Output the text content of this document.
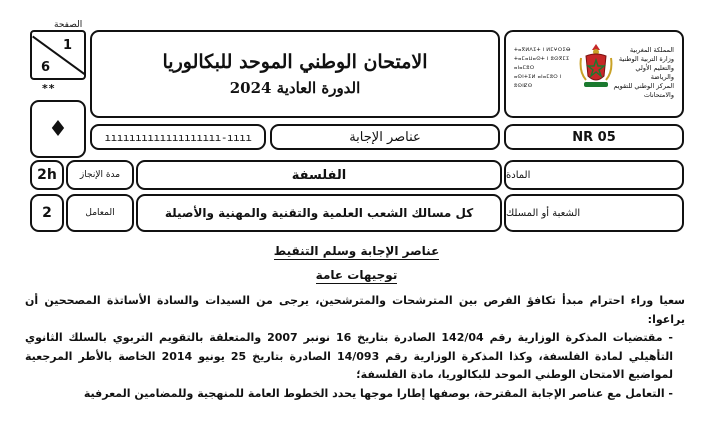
1
6
الصفحة
**
♦
الامتحان الوطني الموحد للبكالوريا
الدورة العادية 2024
المملكة المغربية
وزارة التربية الوطنية
والتعليم الأولي والرياضة
المركز الوطني للتقويم والامتحانات
ⵜⴰⴳⵍⴷⵉⵜ ⵏ ⵍⵎⵖⵔⵉⴱ
ⵜⴰⵎⴰⵡⴰⵙⵜ ⵏ ⵓⵙⴳⵎⵉ ⴰⵏⴰⵎⵓⵔ
ⴰⵙⵏⵜⵉⵍ ⴰⵏⴰⵎⵓⵔ ⵏ ⵓⵙⵏⵇⵙ
ııııııııııııııııııı-ıııı	عناصر الإجابة	NR 05
2h	مدة الإنجاز	الفلسفة	المادة
2	المعامل	كل مسالك الشعب العلمية والتقنية والمهنية والأصيلة	الشعبة أو المسلك
عناصر الإجابة وسلم التنقيط
توجيهات عامة

سعيا وراء احترام مبدأ تكافؤ الفرص بين المترشحات والمترشحين، يرجى من السيدات والسادة الأساتذة المصححين أن يراعوا:

- مقتضيات المذكرة الوزارية رقم 142/04 الصادرة بتاريخ 16 نونبر 2007 والمتعلقة بالتقويم التربوي بالسلك الثانوي التأهيلي لمادة الفلسفة، وكذا المذكرة الوزارية رقم 14/093 الصادرة بتاريخ 25 يونيو 2014 الخاصة بالأطر المرجعية لمواضيع الامتحان الوطني الموحد للبكالوريا، مادة الفلسفة؛

- التعامل مع عناصر الإجابة المقترحة، بوصفها إطارا موجها يحدد الخطوط العامة للمنهجية وللمضامين المعرفية
